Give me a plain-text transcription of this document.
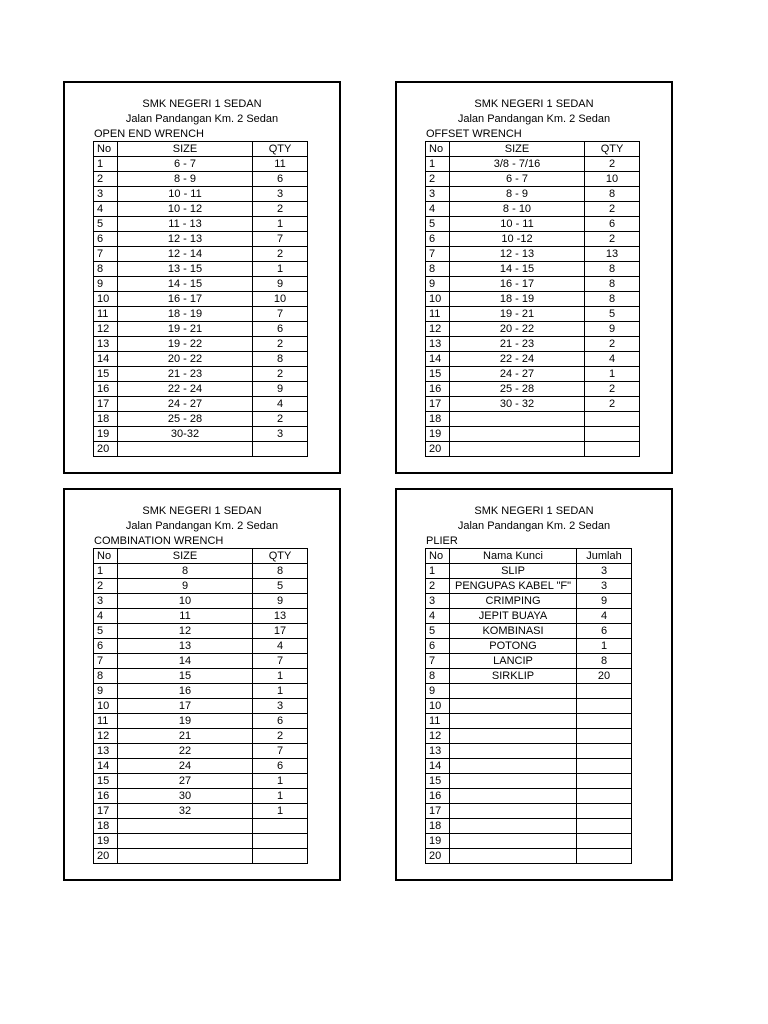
SMK NEGERI 1 SEDAN
Jalan Pandangan Km. 2 Sedan
OPEN END WRENCH
No	SIZE	QTY
1	6 - 7	11
2	8 - 9	6
3	10 - 11	3
4	10 - 12	2
5	11 - 13	1
6	12 - 13	7
7	12 - 14	2
8	13 - 15	1
9	14 - 15	9
10	16 - 17	10
11	18 - 19	7
12	19 - 21	6
13	19 - 22	2
14	20 - 22	8
15	21 - 23	2
16	22 - 24	9
17	24 - 27	4
18	25 - 28	2
19	30-32	3
20		
SMK NEGERI 1 SEDAN
Jalan Pandangan Km. 2 Sedan
OFFSET WRENCH
No	SIZE	QTY
1	3/8 - 7/16	2
2	6 - 7	10
3	8 - 9	8
4	8 - 10	2
5	10 - 11	6
6	10 -12	2
7	12 - 13	13
8	14 - 15	8
9	16 - 17	8
10	18 - 19	8
11	19 - 21	5
12	20 - 22	9
13	21 - 23	2
14	22 - 24	4
15	24 - 27	1
16	25 - 28	2
17	30 - 32	2
18		
19		
20		
SMK NEGERI 1 SEDAN
Jalan Pandangan Km. 2 Sedan
COMBINATION WRENCH
No	SIZE	QTY
1	8	8
2	9	5
3	10	9
4	11	13
5	12	17
6	13	4
7	14	7
8	15	1
9	16	1
10	17	3
11	19	6
12	21	2
13	22	7
14	24	6
15	27	1
16	30	1
17	32	1
18		
19		
20		
SMK NEGERI 1 SEDAN
Jalan Pandangan Km. 2 Sedan
PLIER
No	Nama Kunci	Jumlah
1	SLIP	3
2	PENGUPAS KABEL "F"	3
3	CRIMPING	9
4	JEPIT BUAYA	4
5	KOMBINASI	6
6	POTONG	1
7	LANCIP	8
8	SIRKLIP	20
9		
10		
11		
12		
13		
14		
15		
16		
17		
18		
19		
20		
